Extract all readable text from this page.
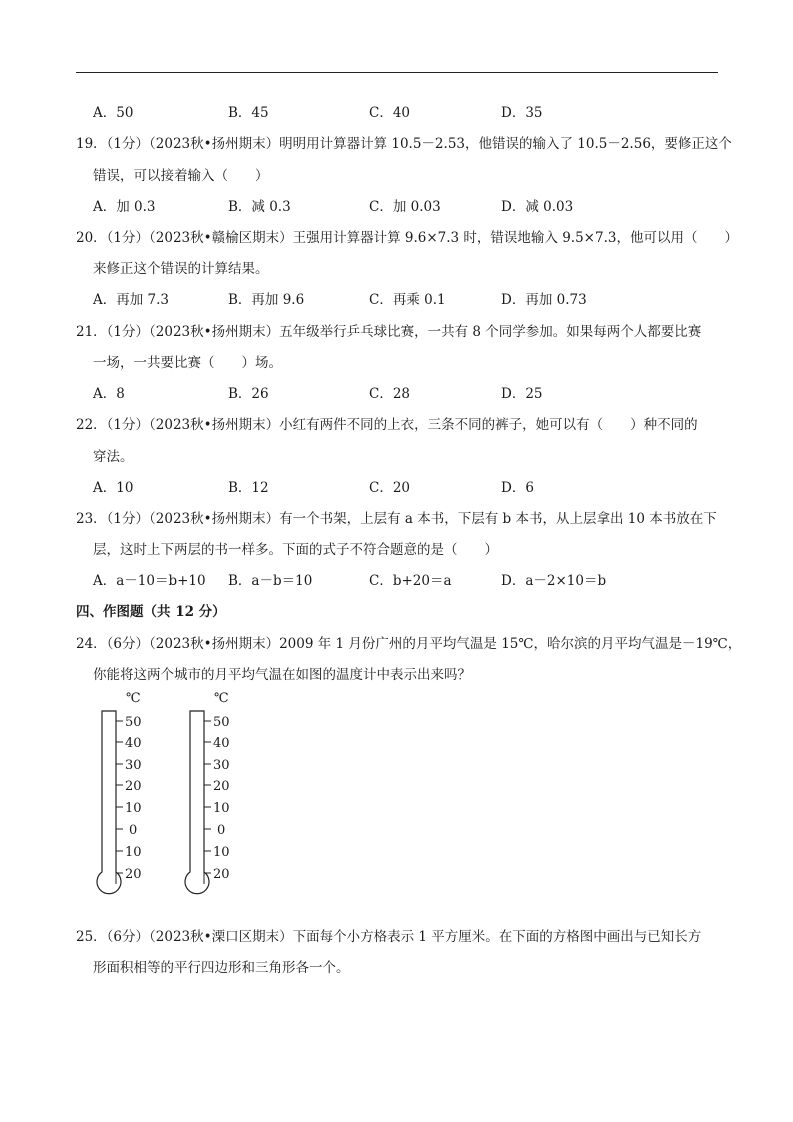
A．50	B．45	C．40	D．35
19．（1分）（2023秋•扬州期末）明明用计算器计算 10.5－2.53，他错误的输入了 10.5－2.56，要修正这个
错误，可以接着输入（　　）
A．加 0.3	B．减 0.3	C．加 0.03	D．减 0.03
20．（1分）（2023秋•赣榆区期末）王强用计算器计算 9.6×7.3 时，错误地输入 9.5×7.3，他可以用（　　）
来修正这个错误的计算结果。
A．再加 7.3	B．再加 9.6	C．再乘 0.1	D．再加 0.73
21．（1分）（2023秋•扬州期末）五年级举行乒乓球比赛，一共有 8 个同学参加。如果每两个人都要比赛
一场，一共要比赛（　　）场。
A．8	B．26	C．28	D．25
22．（1分）（2023秋•扬州期末）小红有两件不同的上衣，三条不同的裤子，她可以有（　　）种不同的
穿法。
A．10	B．12	C．20	D．6
23．（1分）（2023秋•扬州期末）有一个书架，上层有 a 本书，下层有 b 本书，从上层拿出 10 本书放在下
层，这时上下两层的书一样多。下面的式子不符合题意的是（　　）
A．a－10＝b+10 B．a－b＝10	C．b+20＝a	D．a－2×10＝b
四、作图题（共 12 分）
24．（6分）（2023秋•扬州期末）2009 年 1 月份广州的月平均气温是 15℃，哈尔滨的月平均气温是－19℃，
你能将这两个城市的月平均气温在如图的温度计中表示出来吗？
℃
50
40
30
20
10
0
10
20
℃
50
40
30
20
10
0
10
20
25．（6分）（2023秋•溧口区期末）下面每个小方格表示 1 平方厘米。在下面的方格图中画出与已知长方
形面积相等的平行四边形和三角形各一个。
